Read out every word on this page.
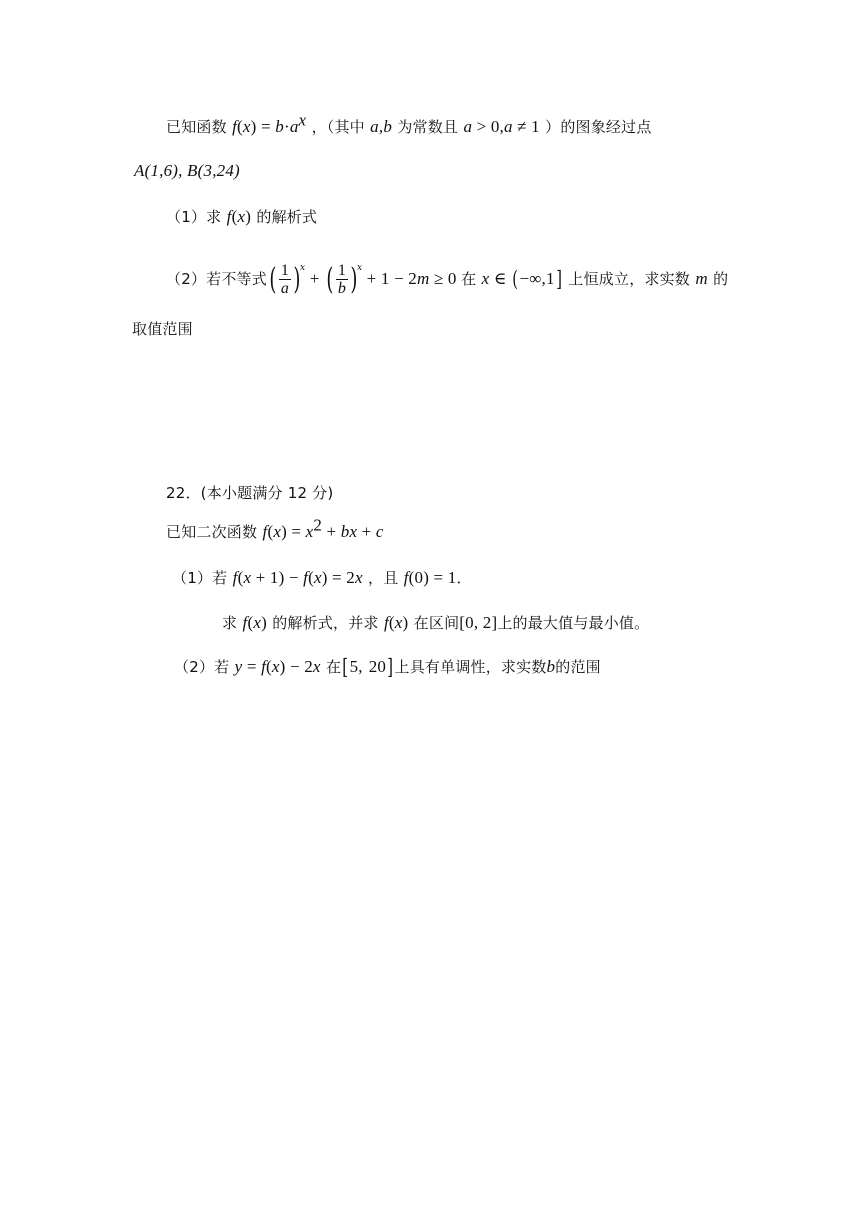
已知函数 $f(x) = b\cdot a^x$ ，（其中 a,b 为常数且 a > 0,a ≠ 1 ）的图象经过点
A(1,6), B(3,24)
（1）求 f(x) 的解析式
（2）若不等式( $\frac{1}{a} )x$ + ( $\frac{1}{b} )x + 1 - 2m \ge 0$ 在 x ∈ (−∞,1] 上恒成立，求实数 m 的
取值范围
22．(本小题满分 12 分)
已知二次函数 $f(x) = x^2$ + bx + c
（1）若 f(x + 1) − f(x) = 2x ，且 f(0) = 1．
求 f(x) 的解析式，并求 f(x) 在区间[0, 2]上的最大值与最小值。
（2）若 y = f(x) − 2x 在[5, 20]上具有单调性，求实数b的范围
